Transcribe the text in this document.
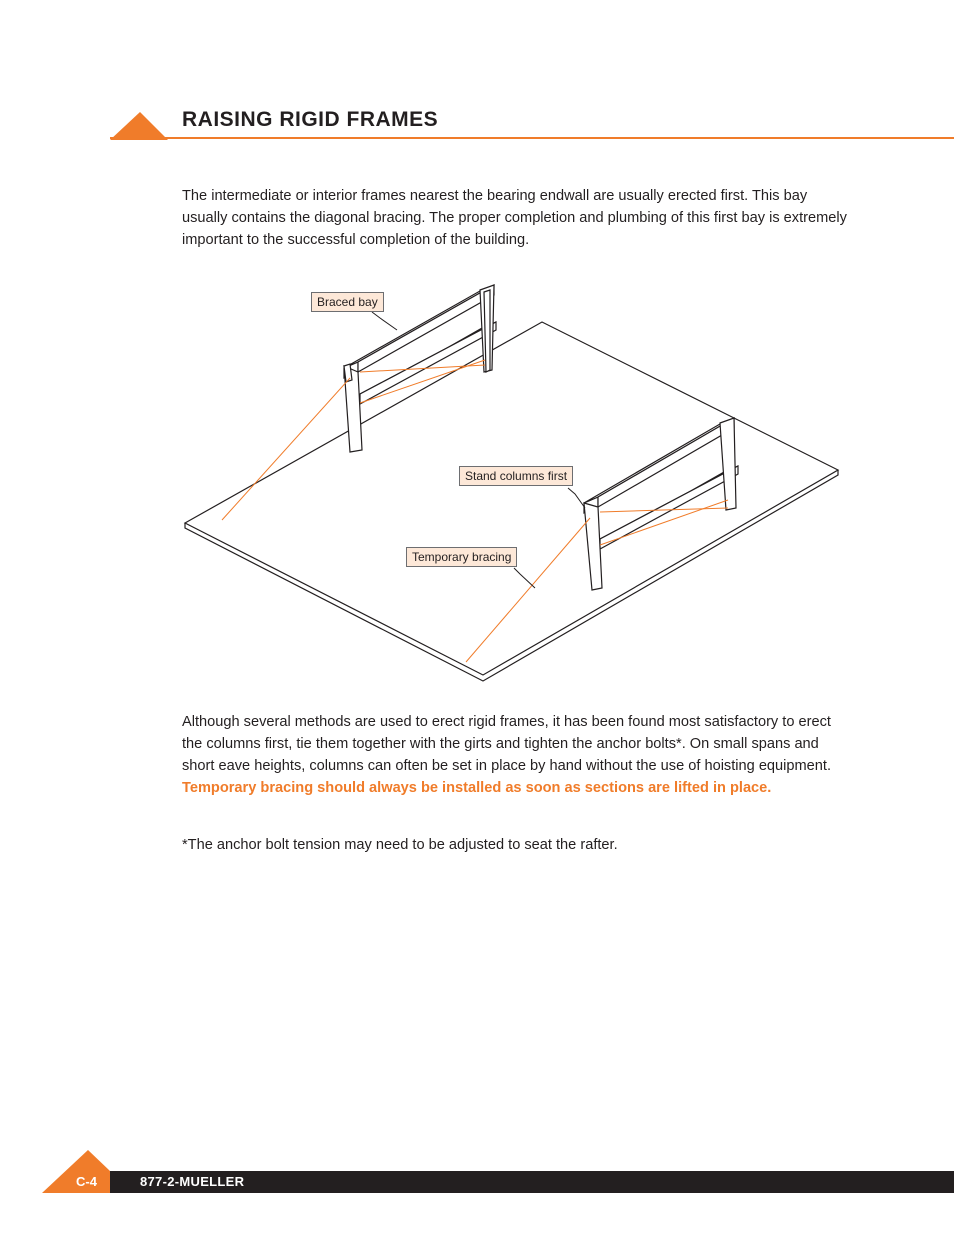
RAISING RIGID FRAMES

The intermediate or interior frames nearest the bearing endwall are usually erected first. This bay usually contains the diagonal bracing. The proper completion and plumbing of this first bay is extremely important to the successful completion of the building.

Braced bay
Stand columns first
Temporary bracing

Although several methods are used to erect rigid frames, it has been found most satisfactory to erect the columns first, tie them together with the girts and tighten the anchor bolts*. On small spans and short eave heights, columns can often be set in place by hand without the use of hoisting equipment. Temporary bracing should always be installed as soon as sections are lifted in place.

*The anchor bolt tension may need to be adjusted to seat the rafter.

C-4	877-2-MUELLER
